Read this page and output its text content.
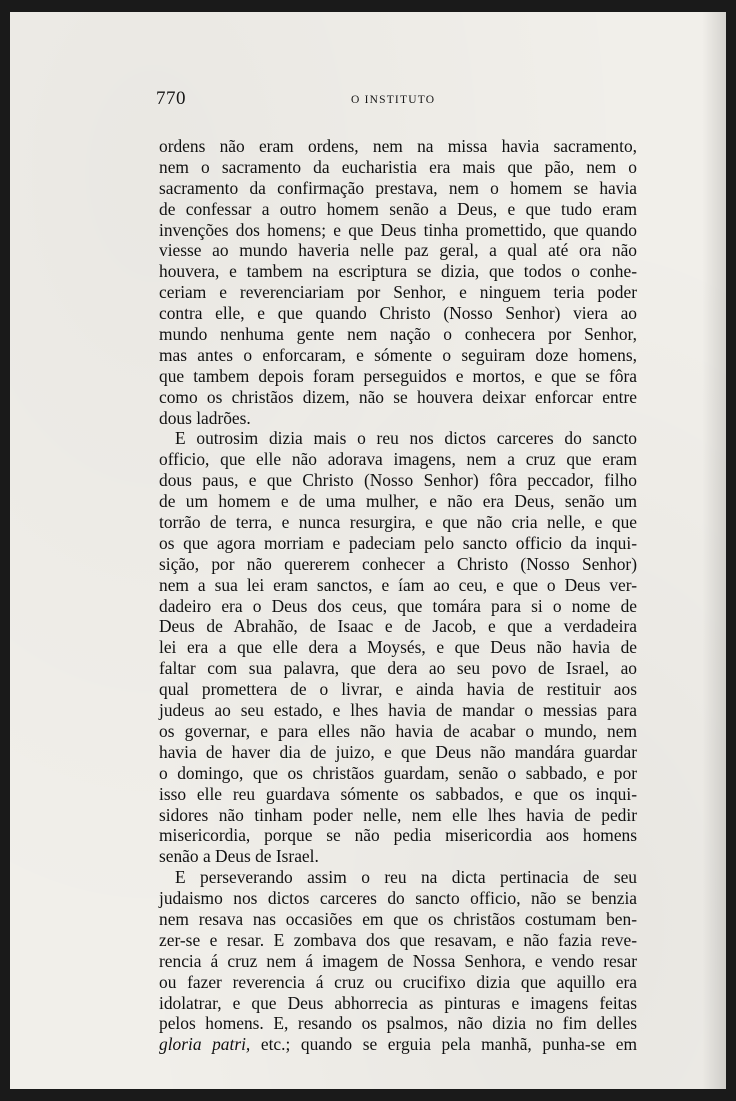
770	O INSTITUTO
ordens não eram ordens, nem na missa havia sacramento,
nem o sacramento da eucharistia era mais que pão, nem o
sacramento da confirmação prestava, nem o homem se havia
de confessar a outro homem senão a Deus, e que tudo eram
invenções dos homens; e que Deus tinha promettido, que quando
viesse ao mundo haveria nelle paz geral, a qual até ora não
houvera, e tambem na escriptura se dizia, que todos o conhe-
ceriam e reverenciariam por Senhor, e ninguem teria poder
contra elle, e que quando Christo (Nosso Senhor) viera ao
mundo nenhuma gente nem nação o conhecera por Senhor,
mas antes o enforcaram, e sómente o seguiram doze homens,
que tambem depois foram perseguidos e mortos, e que se fôra
como os christãos dizem, não se houvera deixar enforcar entre
dous ladrões.
E outrosim dizia mais o reu nos dictos carceres do sancto
officio, que elle não adorava imagens, nem a cruz que eram
dous paus, e que Christo (Nosso Senhor) fôra peccador, filho
de um homem e de uma mulher, e não era Deus, senão um
torrão de terra, e nunca resurgira, e que não cria nelle, e que
os que agora morriam e padeciam pelo sancto officio da inqui-
sição, por não quererem conhecer a Christo (Nosso Senhor)
nem a sua lei eram sanctos, e íam ao ceu, e que o Deus ver-
dadeiro era o Deus dos ceus, que tomára para si o nome de
Deus de Abrahão, de Isaac e de Jacob, e que a verdadeira
lei era a que elle dera a Moysés, e que Deus não havia de
faltar com sua palavra, que dera ao seu povo de Israel, ao
qual promettera de o livrar, e ainda havia de restituir aos
judeus ao seu estado, e lhes havia de mandar o messias para
os governar, e para elles não havia de acabar o mundo, nem
havia de haver dia de juizo, e que Deus não mandára guardar
o domingo, que os christãos guardam, senão o sabbado, e por
isso elle reu guardava sómente os sabbados, e que os inqui-
sidores não tinham poder nelle, nem elle lhes havia de pedir
misericordia, porque se não pedia misericordia aos homens
senão a Deus de Israel.
E perseverando assim o reu na dicta pertinacia de seu
judaismo nos dictos carceres do sancto officio, não se benzia
nem resava nas occasiões em que os christãos costumam ben-
zer-se e resar. E zombava dos que resavam, e não fazia reve-
rencia á cruz nem á imagem de Nossa Senhora, e vendo resar
ou fazer reverencia á cruz ou crucifixo dizia que aquillo era
idolatrar, e que Deus abhorrecia as pinturas e imagens feitas
pelos homens. E, resando os psalmos, não dizia no fim delles
gloria patri, etc.; quando se erguia pela manhã, punha-se em
